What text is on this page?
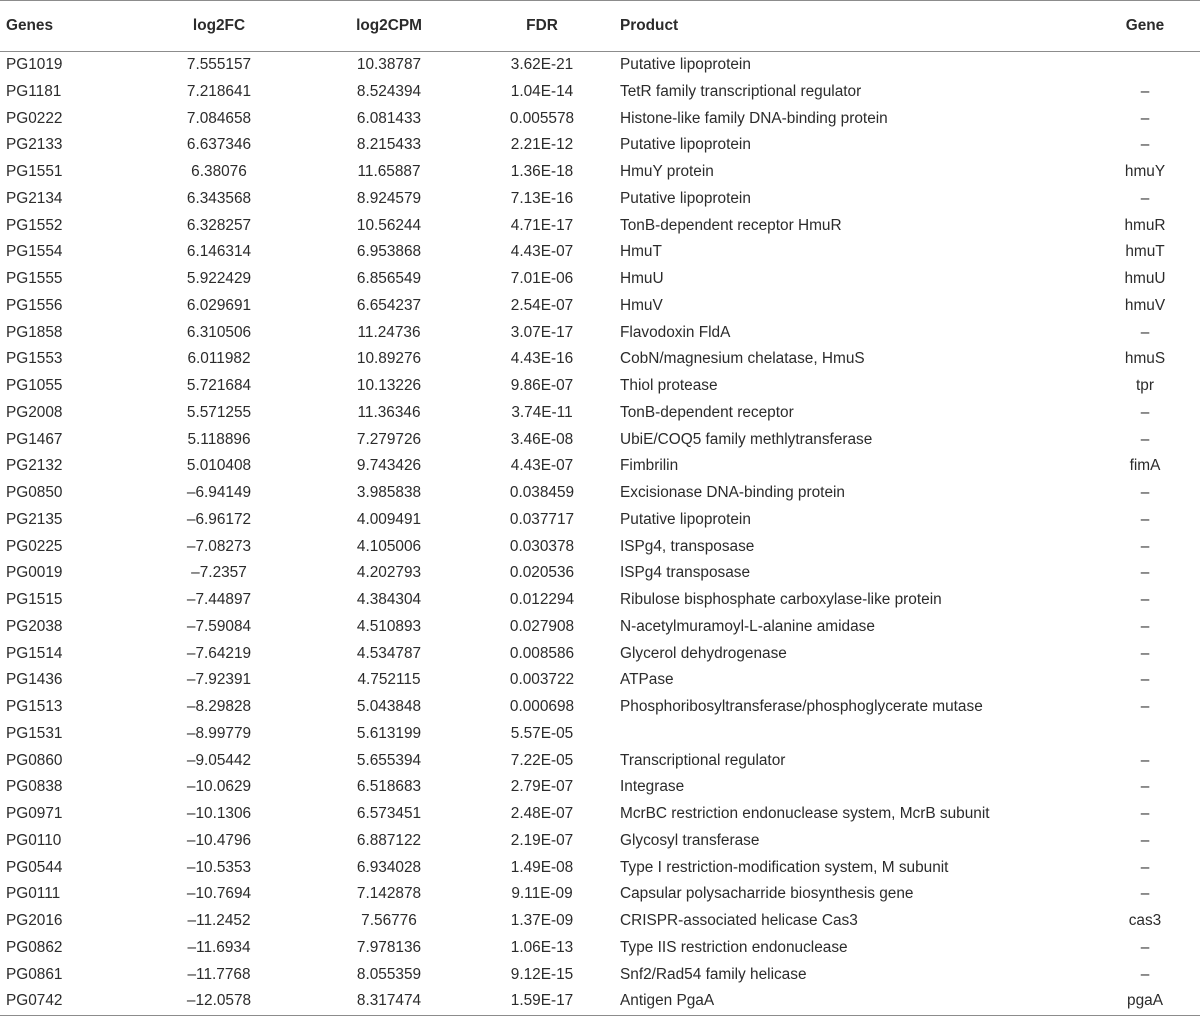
Genes	log2FC	log2CPM	FDR	Product	Gene
PG1019	7.555157	10.38787	3.62E-21	Putative lipoprotein	
PG1181	7.218641	8.524394	1.04E-14	TetR family transcriptional regulator	–
PG0222	7.084658	6.081433	0.005578	Histone-like family DNA-binding protein	–
PG2133	6.637346	8.215433	2.21E-12	Putative lipoprotein	–
PG1551	6.38076	11.65887	1.36E-18	HmuY protein	hmuY
PG2134	6.343568	8.924579	7.13E-16	Putative lipoprotein	–
PG1552	6.328257	10.56244	4.71E-17	TonB-dependent receptor HmuR	hmuR
PG1554	6.146314	6.953868	4.43E-07	HmuT	hmuT
PG1555	5.922429	6.856549	7.01E-06	HmuU	hmuU
PG1556	6.029691	6.654237	2.54E-07	HmuV	hmuV
PG1858	6.310506	11.24736	3.07E-17	Flavodoxin FldA	–
PG1553	6.011982	10.89276	4.43E-16	CobN/magnesium chelatase, HmuS	hmuS
PG1055	5.721684	10.13226	9.86E-07	Thiol protease	tpr
PG2008	5.571255	11.36346	3.74E-11	TonB-dependent receptor	–
PG1467	5.118896	7.279726	3.46E-08	UbiE/COQ5 family methlytransferase	–
PG2132	5.010408	9.743426	4.43E-07	Fimbrilin	fimA
PG0850	–6.94149	3.985838	0.038459	Excisionase DNA-binding protein	–
PG2135	–6.96172	4.009491	0.037717	Putative lipoprotein	–
PG0225	–7.08273	4.105006	0.030378	ISPg4, transposase	–
PG0019	–7.2357	4.202793	0.020536	ISPg4 transposase	–
PG1515	–7.44897	4.384304	0.012294	Ribulose bisphosphate carboxylase-like protein	–
PG2038	–7.59084	4.510893	0.027908	N-acetylmuramoyl-L-alanine amidase	–
PG1514	–7.64219	4.534787	0.008586	Glycerol dehydrogenase	–
PG1436	–7.92391	4.752115	0.003722	ATPase	–
PG1513	–8.29828	5.043848	0.000698	Phosphoribosyltransferase/phosphoglycerate mutase	–
PG1531	–8.99779	5.613199	5.57E-05		
PG0860	–9.05442	5.655394	7.22E-05	Transcriptional regulator	–
PG0838	–10.0629	6.518683	2.79E-07	Integrase	–
PG0971	–10.1306	6.573451	2.48E-07	McrBC restriction endonuclease system, McrB subunit	–
PG0110	–10.4796	6.887122	2.19E-07	Glycosyl transferase	–
PG0544	–10.5353	6.934028	1.49E-08	Type I restriction-modification system, M subunit	–
PG0111	–10.7694	7.142878	9.11E-09	Capsular polysacharride biosynthesis gene	–
PG2016	–11.2452	7.56776	1.37E-09	CRISPR-associated helicase Cas3	cas3
PG0862	–11.6934	7.978136	1.06E-13	Type IIS restriction endonuclease	–
PG0861	–11.7768	8.055359	9.12E-15	Snf2/Rad54 family helicase	–
PG0742	–12.0578	8.317474	1.59E-17	Antigen PgaA	pgaA
